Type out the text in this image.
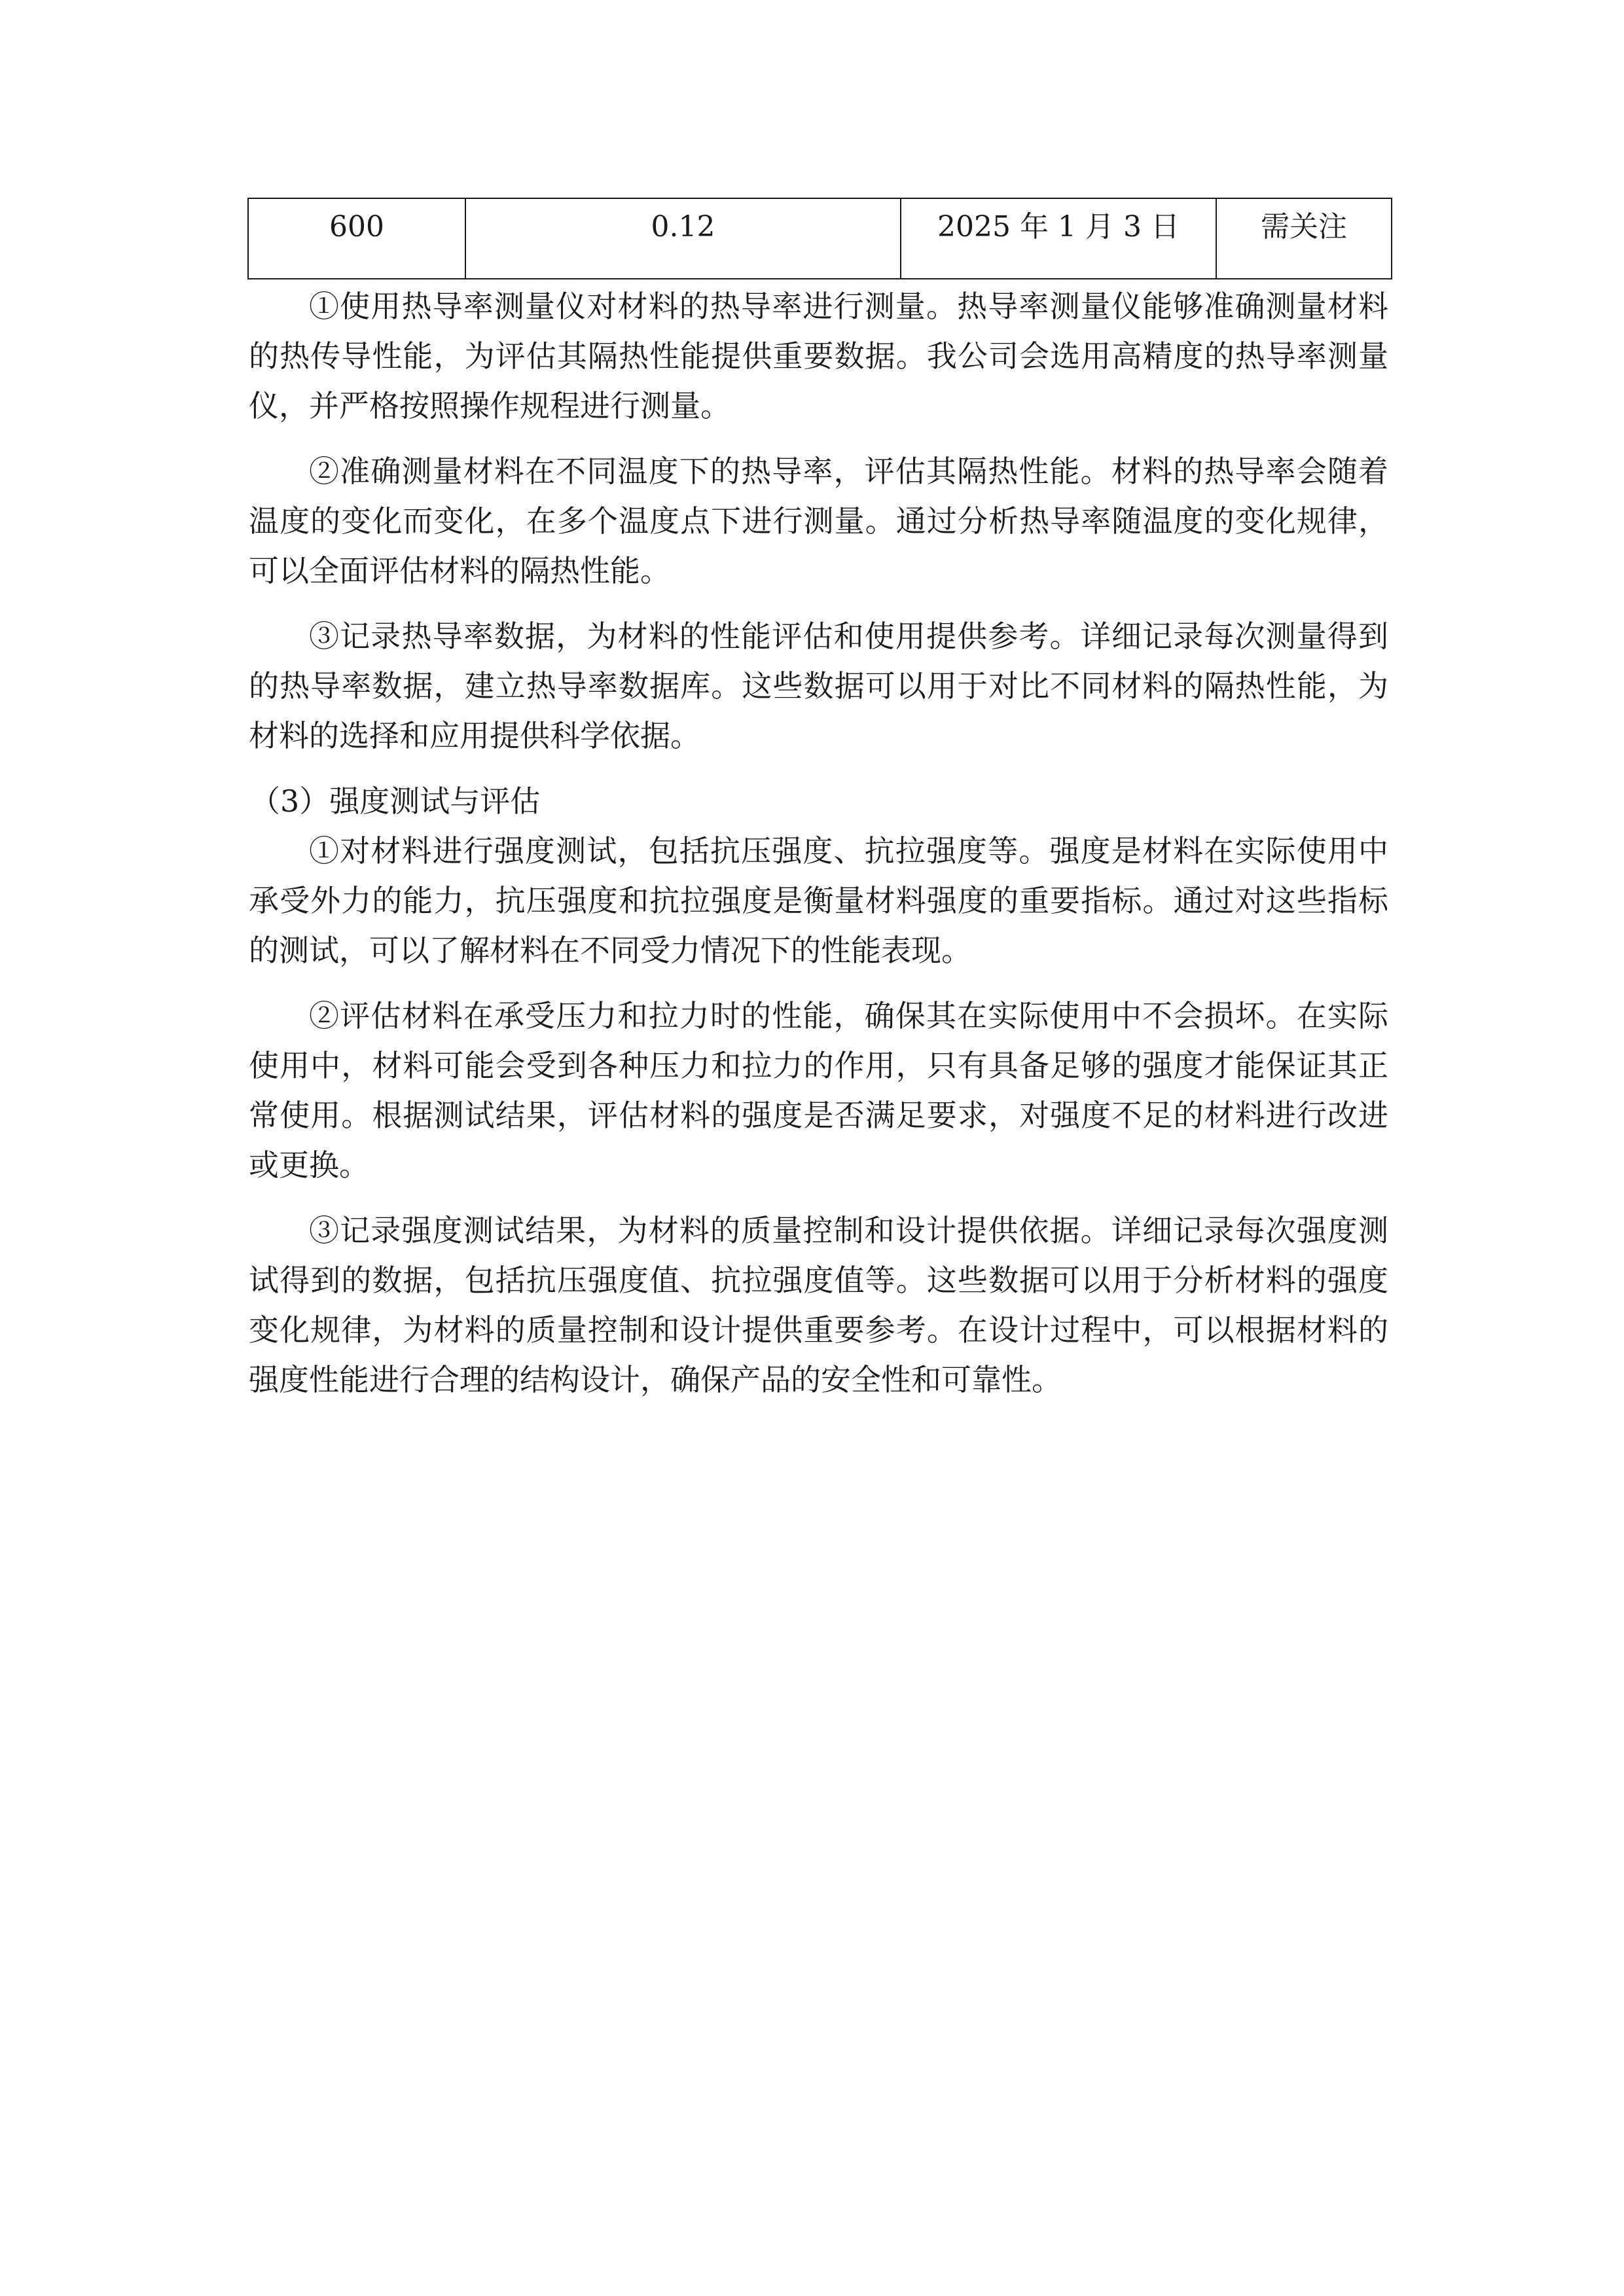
600	0.12	2025 年 1 月 3 日	需关注

①使用热导率测量仪对材料的热导率进行测量。热导率测量仪能够准确测量材料的热传导性能，为评估其隔热性能提供重要数据。我公司会选用高精度的热导率测量仪，并严格按照操作规程进行测量。

②准确测量材料在不同温度下的热导率，评估其隔热性能。材料的热导率会随着温度的变化而变化，在多个温度点下进行测量。通过分析热导率随温度的变化规律，可以全面评估材料的隔热性能。

③记录热导率数据，为材料的性能评估和使用提供参考。详细记录每次测量得到的热导率数据，建立热导率数据库。这些数据可以用于对比不同材料的隔热性能，为材料的选择和应用提供科学依据。

（3）强度测试与评估

①对材料进行强度测试，包括抗压强度、抗拉强度等。强度是材料在实际使用中承受外力的能力，抗压强度和抗拉强度是衡量材料强度的重要指标。通过对这些指标的测试，可以了解材料在不同受力情况下的性能表现。

②评估材料在承受压力和拉力时的性能，确保其在实际使用中不会损坏。在实际使用中，材料可能会受到各种压力和拉力的作用，只有具备足够的强度才能保证其正常使用。根据测试结果，评估材料的强度是否满足要求，对强度不足的材料进行改进或更换。

③记录强度测试结果，为材料的质量控制和设计提供依据。详细记录每次强度测试得到的数据，包括抗压强度值、抗拉强度值等。这些数据可以用于分析材料的强度变化规律，为材料的质量控制和设计提供重要参考。在设计过程中，可以根据材料的强度性能进行合理的结构设计，确保产品的安全性和可靠性。
